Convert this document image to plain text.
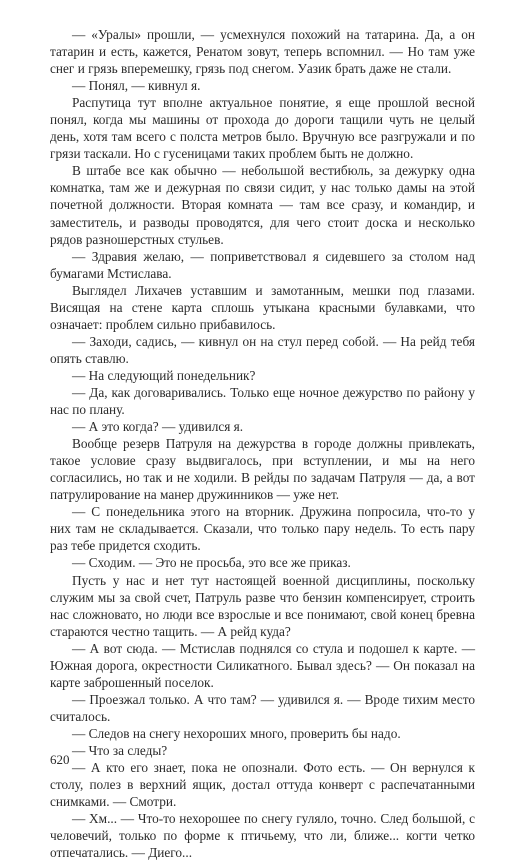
— «Уралы» прошли, — усмехнулся похожий на татарина. Да, а он татарин и есть, кажется, Ренатом зовут, теперь вспомнил. — Но там уже снег и грязь вперемешку, грязь под снегом. Уазик брать даже не стали.

— Понял, — кивнул я.

Распутица тут вполне актуальное понятие, я еще прошлой весной понял, когда мы машины от прохода до дороги тащили чуть не целый день, хотя там всего с полста метров было. Вручную все разгружали и по грязи таскали. Но с гусеницами таких проблем быть не должно.

В штабе все как обычно — небольшой вестибюль, за дежурку одна комнатка, там же и дежурная по связи сидит, у нас только дамы на этой почетной должности. Вторая комната — там все сразу, и командир, и заместитель, и разводы проводятся, для чего стоит доска и несколько рядов разношерстных стульев.

— Здравия желаю, — поприветствовал я сидевшего за столом над бумагами Мстислава.

Выглядел Лихачев уставшим и замотанным, мешки под глазами. Висящая на стене карта сплошь утыкана красными булавками, что означает: проблем сильно прибавилось.

— Заходи, садись, — кивнул он на стул перед собой. — На рейд тебя опять ставлю.

— На следующий понедельник?

— Да, как договаривались. Только еще ночное дежурство по району у нас по плану.

— А это когда? — удивился я.

Вообще резерв Патруля на дежурства в городе должны привлекать, такое условие сразу выдвигалось, при вступлении, и мы на него согласились, но так и не ходили. В рейды по задачам Патруля — да, а вот патрулирование на манер дружинников — уже нет.

— С понедельника этого на вторник. Дружина попросила, что-то у них там не складывается. Сказали, что только пару недель. То есть пару раз тебе придется сходить.

— Сходим. — Это не просьба, это все же приказ.

Пусть у нас и нет тут настоящей военной дисциплины, поскольку служим мы за свой счет, Патруль разве что бензин компенсирует, строить нас сложновато, но люди все взрослые и все понимают, свой конец бревна стараются честно тащить. — А рейд куда?

— А вот сюда. — Мстислав поднялся со стула и подошел к карте. — Южная дорога, окрестности Силикатного. Бывал здесь? — Он показал на карте заброшенный поселок.

— Проезжал только. А что там? — удивился я. — Вроде тихим место считалось.

— Следов на снегу нехороших много, проверить бы надо.

— Что за следы?

— А кто его знает, пока не опознали. Фото есть. — Он вернулся к столу, полез в верхний ящик, достал оттуда конверт с распечатанными снимками. — Смотри.

— Хм... — Что-то нехорошее по снегу гуляло, точно. След большой, с человечий, только по форме к птичьему, что ли, ближе... когти четко отпечатались. — Диего...

620
